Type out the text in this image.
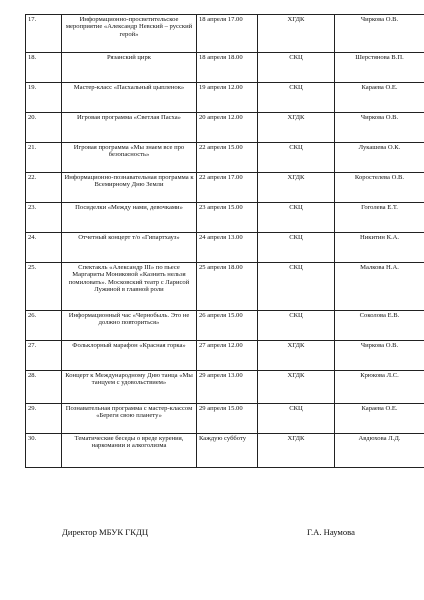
17.	Информационно-просветительское мероприятие «Александр Невский – русский герой»	18 апреля 17.00	ХГДК	Чиркова О.В.
18.	Рязанский цирк	18 апреля 18.00	СКЦ	Шерстянова В.П.
19.	Мастер-класс «Пасхальный цыпленок»	19 апреля 12.00	СКЦ	Караева О.Е.
20.	Игровая программа «Светлая Пасха»	20 апреля 12.00	ХГДК	Чиркова О.В.
21.	Игровая программа «Мы знаем все про безопасность»	22 апреля 15.00	СКЦ	Лукашева О.К.
22.	Информационно-познавательная программа к Всемирному Дню Земли	22 апреля 17.00	ХГДК	Коростелева О.В.
23.	Посиделки «Между нами, девочками»	23 апреля 15.00	СКЦ	Гоголева Е.Т.
24.	Отчетный концерт т/о «Гипартхауз»	24 апреля 13.00	СКЦ	Никитин К.А.
25.	Спектакль «Александр III» по пьесе Маргариты Мониковой «Казнить нельзя помиловать». Московский театр с Ларисой Лужиной в главной роли	25 апреля 18.00	СКЦ	Малкова Н.А.
26.	Информационный час «Чернобыль. Это не должно повториться»	26 апреля 15.00	СКЦ	Соколова Е.В.
27.	Фольклорный марафон «Красная горка»	27 апреля 12.00	ХГДК	Чиркова О.В.
28.	Концерт к Международному Дню танца «Мы танцуем с удовольствием»	29 апреля 13.00	ХГДК	Крюкова Л.С.
29.	Познавательная программа с мастер-классом «Береги свою планету»	29 апреля 15.00	СКЦ	Караева О.Е.
30.	Тематические беседы о вреде курения, наркомании и алкоголизма	Каждую субботу	ХГДК	Авдюхова Л.Д.
Директор МБУК ГКДЦ	Г.А. Наумова
